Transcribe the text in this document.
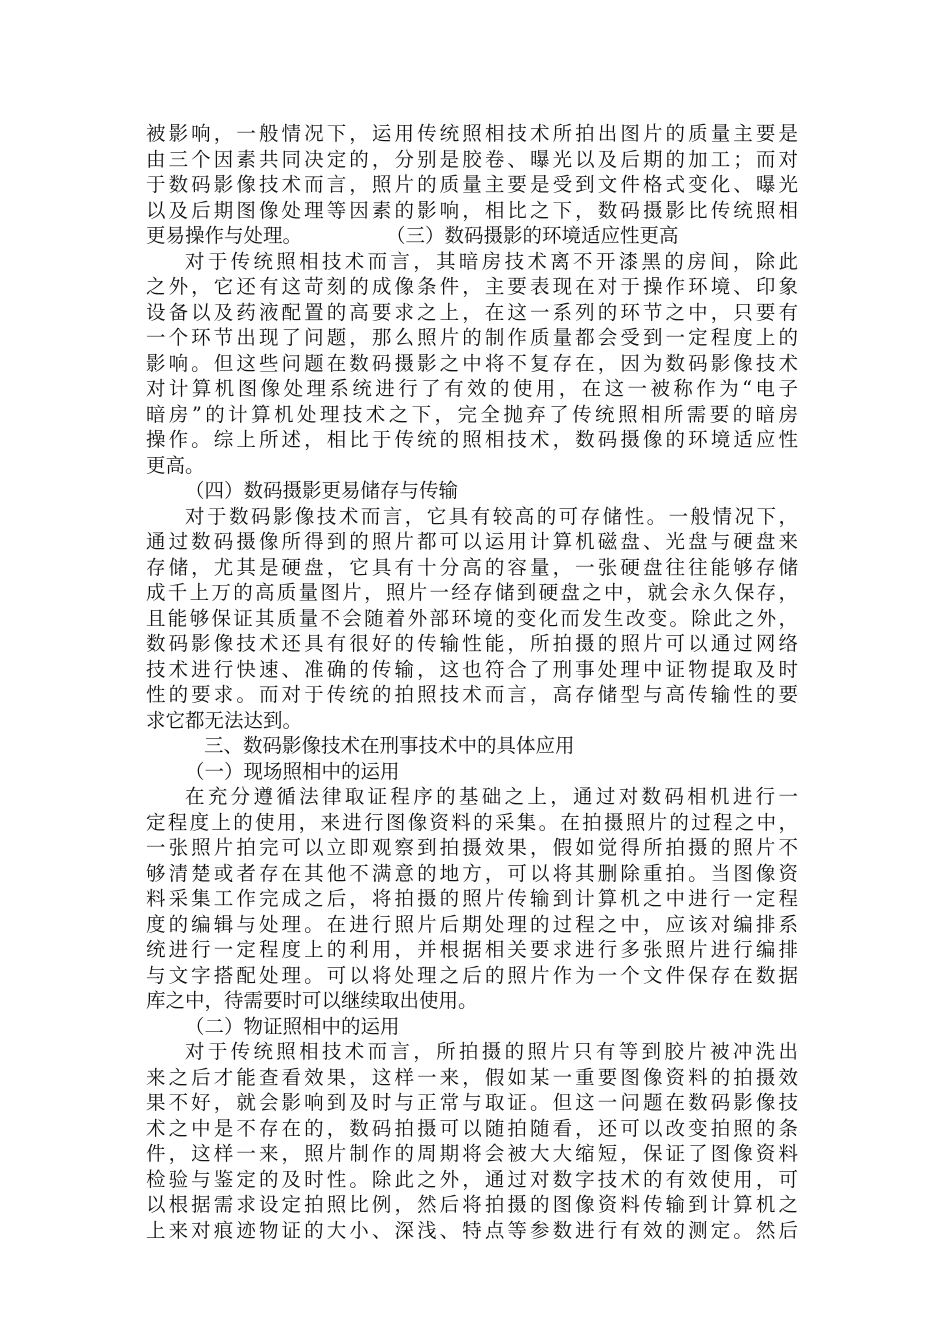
被影响，一般情况下，运用传统照相技术所拍出图片的质量主要是
由三个因素共同决定的，分别是胶卷、曝光以及后期的加工；而对
于数码影像技术而言，照片的质量主要是受到文件格式变化、曝光
以及后期图像处理等因素的影响，相比之下，数码摄影比传统照相
更易操作与处理。	（三）数码摄影的环境适应性更高
对于传统照相技术而言，其暗房技术离不开漆黑的房间，除此
之外，它还有这苛刻的成像条件，主要表现在对于操作环境、印象
设备以及药液配置的高要求之上，在这一系列的环节之中，只要有
一个环节出现了问题，那么照片的制作质量都会受到一定程度上的
影响。但这些问题在数码摄影之中将不复存在，因为数码影像技术
对计算机图像处理系统进行了有效的使用，在这一被称作为“电子
暗房”的计算机处理技术之下，完全抛弃了传统照相所需要的暗房
操作。综上所述，相比于传统的照相技术，数码摄像的环境适应性
更高。
（四）数码摄影更易储存与传输
对于数码影像技术而言，它具有较高的可存储性。一般情况下，
通过数码摄像所得到的照片都可以运用计算机磁盘、光盘与硬盘来
存储，尤其是硬盘，它具有十分高的容量，一张硬盘往往能够存储
成千上万的高质量图片，照片一经存储到硬盘之中，就会永久保存，
且能够保证其质量不会随着外部环境的变化而发生改变。除此之外，
数码影像技术还具有很好的传输性能，所拍摄的照片可以通过网络
技术进行快速、准确的传输，这也符合了刑事处理中证物提取及时
性的要求。而对于传统的拍照技术而言，高存储型与高传输性的要
求它都无法达到。
三、数码影像技术在刑事技术中的具体应用
（一）现场照相中的运用
在充分遵循法律取证程序的基础之上，通过对数码相机进行一
定程度上的使用，来进行图像资料的采集。在拍摄照片的过程之中，
一张照片拍完可以立即观察到拍摄效果，假如觉得所拍摄的照片不
够清楚或者存在其他不满意的地方，可以将其删除重拍。当图像资
料采集工作完成之后，将拍摄的照片传输到计算机之中进行一定程
度的编辑与处理。在进行照片后期处理的过程之中，应该对编排系
统进行一定程度上的利用，并根据相关要求进行多张照片进行编排
与文字搭配处理。可以将处理之后的照片作为一个文件保存在数据
库之中，待需要时可以继续取出使用。
（二）物证照相中的运用
对于传统照相技术而言，所拍摄的照片只有等到胶片被冲洗出
来之后才能查看效果，这样一来，假如某一重要图像资料的拍摄效
果不好，就会影响到及时与正常与取证。但这一问题在数码影像技
术之中是不存在的，数码拍摄可以随拍随看，还可以改变拍照的条
件，这样一来，照片制作的周期将会被大大缩短，保证了图像资料
检验与鉴定的及时性。除此之外，通过对数字技术的有效使用，可
以根据需求设定拍照比例，然后将拍摄的图像资料传输到计算机之
上来对痕迹物证的大小、深浅、特点等参数进行有效的测定。然后
